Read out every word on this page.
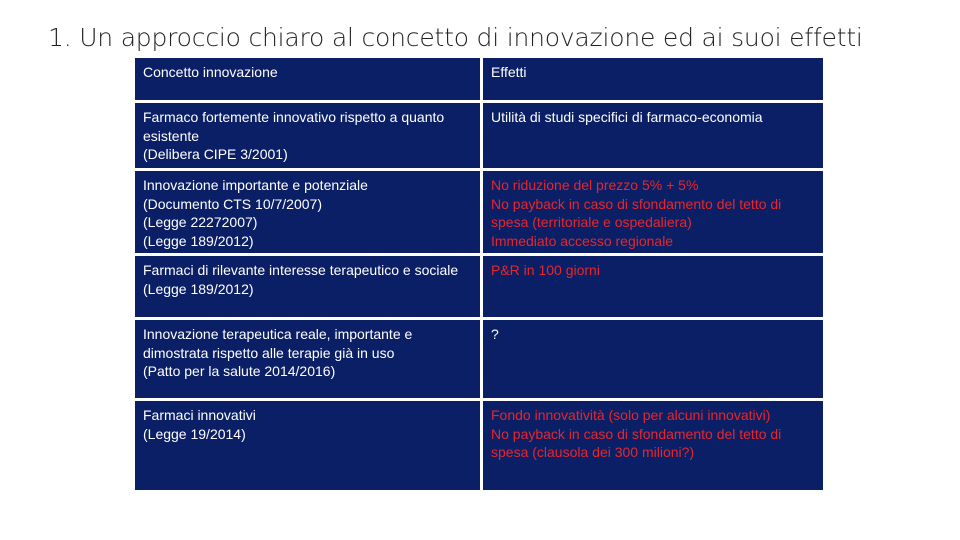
1. Un approccio chiaro al concetto di innovazione ed ai suoi effetti
Concetto innovazione	Effetti
Farmaco fortemente innovativo rispetto a quanto esistente
(Delibera CIPE 3/2001)
Utilità di studi specifici di farmaco-economia
Innovazione importante e potenziale
(Documento CTS 10/7/2007)
(Legge 22272007)
(Legge 189/2012)
No riduzione del prezzo 5% + 5%
No payback in caso di sfondamento del tetto di spesa (territoriale e ospedaliera)
Immediato accesso regionale
Farmaci di rilevante interesse terapeutico e sociale
(Legge 189/2012)
P&R in 100 giorni
Innovazione terapeutica reale, importante e dimostrata rispetto alle terapie già in uso
(Patto per la salute 2014/2016)
?
Farmaci innovativi
(Legge 19/2014)
Fondo innovatività (solo per alcuni innovativi)
No payback in caso di sfondamento del tetto di spesa (clausola dei 300 milioni?)
